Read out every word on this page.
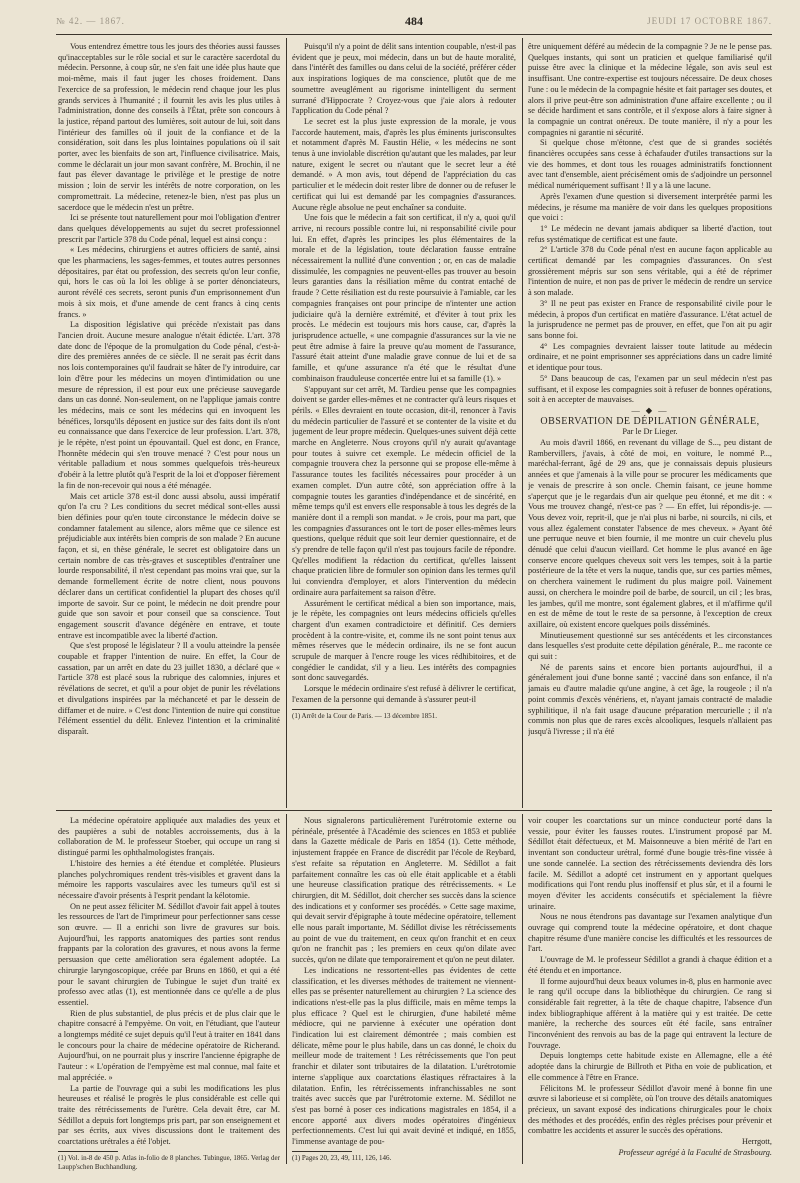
№ 42. — 1867.	484	JEUDI 17 OCTOBRE 1867.

Vous entendrez émettre tous les jours des théories aussi fausses qu'inacceptables sur le rôle social et sur le caractère sacerdotal du médecin. Personne, à coup sûr, ne s'en fait une idée plus haute que moi-même, mais il faut juger les choses froidement. Dans l'exercice de sa profession, le médecin rend chaque jour les plus grands services à l'humanité ; il fournit les avis les plus utiles à l'administration, donne des conseils à l'État, prête son concours à la justice, répand partout des lumières, soit autour de lui, soit dans l'intérieur des familles où il jouit de la confiance et de la considération, soit dans les plus lointaines populations où il sait porter, avec les bienfaits de son art, l'influence civilisatrice. Mais, comme le déclarait un jour mon savant confrère, M. Brochin, il ne faut pas élever davantage le privilège et le prestige de notre mission ; loin de servir les intérêts de notre corporation, on les compromettrait. La médecine, retenez-le bien, n'est pas plus un sacerdoce que le médecin n'est un prêtre.

Ici se présente tout naturellement pour moi l'obligation d'entrer dans quelques développements au sujet du secret professionnel prescrit par l'article 378 du Code pénal, lequel est ainsi conçu :

« Les médecins, chirurgiens et autres officiers de santé, ainsi que les pharmaciens, les sages-femmes, et toutes autres personnes dépositaires, par état ou profession, des secrets qu'on leur confie, qui, hors le cas où la loi les oblige à se porter dénonciateurs, auront révélé ces secrets, seront punis d'un emprisonnement d'un mois à six mois, et d'une amende de cent francs à cinq cents francs. »

La disposition législative qui précède n'existait pas dans l'ancien droit. Aucune mesure analogue n'était édictée. L'art. 378 date donc de l'époque de la promulgation du Code pénal, c'est-à-dire des premières années de ce siècle. Il ne serait pas écrit dans nos lois contemporaines qu'il faudrait se hâter de l'y introduire, car loin d'être pour les médecins un moyen d'intimidation ou une mesure de répression, il est pour eux une précieuse sauvegarde dans un cas donné. Non-seulement, on ne l'applique jamais contre les médecins, mais ce sont les médecins qui en invoquent les bénéfices, lorsqu'ils déposent en justice sur des faits dont ils n'ont eu connaissance que dans l'exercice de leur profession. L'art. 378, je le répète, n'est point un épouvantail. Quel est donc, en France, l'honnête médecin qui s'en trouve menacé ? C'est pour nous un véritable palladium et nous sommes quelquefois très-heureux d'obéir à la lettre plutôt qu'à l'esprit de la loi et d'opposer fièrement la fin de non-recevoir qui nous a été ménagée.

Mais cet article 378 est-il donc aussi absolu, aussi impératif qu'on l'a cru ? Les conditions du secret médical sont-elles aussi bien définies pour qu'en toute circonstance le médecin doive se condamner fatalement au silence, alors même que ce silence est préjudiciable aux intérêts bien compris de son malade ? En aucune façon, et si, en thèse générale, le secret est obligatoire dans un certain nombre de cas très-graves et susceptibles d'entraîner une lourde responsabilité, il n'est cependant pas moins vrai que, sur la demande formellement écrite de notre client, nous pouvons déclarer dans un certificat confidentiel la plupart des choses qu'il importe de savoir. Sur ce point, le médecin ne doit prendre pour guide que son savoir et pour conseil que sa conscience. Tout engagement souscrit d'avance dégénère en entrave, et toute entrave est incompatible avec la liberté d'action.

Que s'est proposé le législateur ? Il a voulu atteindre la pensée coupable et frapper l'intention de nuire. En effet, la Cour de cassation, par un arrêt en date du 23 juillet 1830, a déclaré que « l'article 378 est placé sous la rubrique des calomnies, injures et révélations de secret, et qu'il a pour objet de punir les révélations et divulgations inspirées par la méchanceté et par le dessein de diffamer et de nuire. » C'est donc l'intention de nuire qui constitue l'élément essentiel du délit. Enlevez l'intention et la criminalité disparaît.

Puisqu'il n'y a point de délit sans intention coupable, n'est-il pas évident que je peux, moi médecin, dans un but de haute moralité, dans l'intérêt des familles ou dans celui de la société, préférer céder aux inspirations logiques de ma conscience, plutôt que de me soumettre aveuglément au rigorisme inintelligent du serment surrané d'Hippocrate ? Croyez-vous que j'aie alors à redouter l'application du Code pénal ?

Le secret est la plus juste expression de la morale, je vous l'accorde hautement, mais, d'après les plus éminents jurisconsultes et notamment d'après M. Faustin Hélie, « les médecins ne sont tenus à une inviolable discrétion qu'autant que les malades, par leur nature, exigent le secret ou n'autant que le secret leur a été demandé. » A mon avis, tout dépend de l'appréciation du cas particulier et le médecin doit rester libre de donner ou de refuser le certificat qui lui est demandé par les compagnies d'assurances. Aucune règle absolue ne peut enchaîner sa conduite.

Une fois que le médecin a fait son certificat, il n'y a, quoi qu'il arrive, ni recours possible contre lui, ni responsabilité civile pour lui. En effet, d'après les principes les plus élémentaires de la morale et de la législation, toute déclaration fausse entraîne nécessairement la nullité d'une convention ; or, en cas de maladie dissimulée, les compagnies ne peuvent-elles pas trouver au besoin leurs garanties dans la résiliation même du contrat entaché de fraude ? Cette résiliation est du reste poursuivie à l'amiable, car les compagnies françaises ont pour principe de n'intenter une action judiciaire qu'à la dernière extrémité, et d'éviter à tout prix les procès. Le médecin est toujours mis hors cause, car, d'après la jurisprudence actuelle, « une compagnie d'assurances sur la vie ne peut être admise à faire la preuve qu'au moment de l'assurance, l'assuré était atteint d'une maladie grave connue de lui et de sa famille, et qu'une assurance n'a été que le résultat d'une combinaison frauduleuse concertée entre lui et sa famille (1). »

S'appuyant sur cet arrêt, M. Tardieu pense que les compagnies doivent se garder elles-mêmes et ne contracter qu'à leurs risques et périls. « Elles devraient en toute occasion, dit-il, renoncer à l'avis du médecin particulier de l'assuré et se contenter de la visite et du jugement de leur propre médecin. Quelques-unes suivent déjà cette marche en Angleterre. Nous croyons qu'il n'y aurait qu'avantage pour toutes à suivre cet exemple. Le médecin officiel de la compagnie trouvera chez la personne qui se propose elle-même à l'assurance toutes les facilités nécessaires pour procéder à un examen complet. D'un autre côté, son appréciation offre à la compagnie toutes les garanties d'indépendance et de sincérité, en même temps qu'il est envers elle responsable à tous les degrés de la manière dont il a rempli son mandat. » Je crois, pour ma part, que les compagnies d'assurances ont le tort de poser elles-mêmes leurs questions, quelque réduit que soit leur dernier questionnaire, et de s'y prendre de telle façon qu'il n'est pas toujours facile de répondre. Qu'elles modifient la rédaction du certificat, qu'elles laissent chaque praticien libre de formuler son opinion dans les termes qu'il lui conviendra d'employer, et alors l'intervention du médecin ordinaire aura parfaitement sa raison d'être.

Assurément le certificat médical a bien son importance, mais, je le répète, les compagnies ont leurs médecins officiels qu'elles chargent d'un examen contradictoire et définitif. Ces derniers procèdent à la contre-visite, et, comme ils ne sont point tenus aux mêmes réserves que le médecin ordinaire, ils ne se font aucun scrupule de marquer à l'encre rouge les vices rédhibitoires, et de congédier le candidat, s'il y a lieu. Les intérêts des compagnies sont donc sauvegardés.

Lorsque le médecin ordinaire s'est refusé à délivrer le certificat, l'examen de la personne qui demande à s'assurer peut-il

(1) Arrêt de la Cour de Paris. — 13 décembre 1851.

être uniquement déféré au médecin de la compagnie ? Je ne le pense pas. Quelques instants, qui sont un praticien et quelque familiarisé qu'il puisse être avec la clinique et la médecine légale, son avis seul est insuffisant. Une contre-expertise est toujours nécessaire. De deux choses l'une : ou le médecin de la compagnie hésite et fait partager ses doutes, et alors il prive peut-être son administration d'une affaire excellente ; ou il se décide hardiment et sans contrôle, et il s'expose alors à faire signer à la compagnie un contrat onéreux. De toute manière, il n'y a pour les compagnies ni garantie ni sécurité.

Si quelque chose m'étonne, c'est que de si grandes sociétés financières occupées sans cesse à échafauder d'utiles transactions sur la vie des hommes, et dont tous les rouages administratifs fonctionnent avec tant d'ensemble, aient précisément omis de s'adjoindre un personnel médical numériquement suffisant ! Il y a là une lacune.

Après l'examen d'une question si diversement interprétée parmi les médecins, je résume ma manière de voir dans les quelques propositions que voici :

1° Le médecin ne devant jamais abdiquer sa liberté d'action, tout refus systématique de certificat est une faute.

2° L'article 378 du Code pénal n'est en aucune façon applicable au certificat demandé par les compagnies d'assurances. On s'est grossièrement mépris sur son sens véritable, qui a été de réprimer l'intention de nuire, et non pas de priver le médecin de rendre un service à son malade.

3° Il ne peut pas exister en France de responsabilité civile pour le médecin, à propos d'un certificat en matière d'assurance. L'état actuel de la jurisprudence ne permet pas de prouver, en effet, que l'on ait pu agir sans bonne foi.

4° Les compagnies devraient laisser toute latitude au médecin ordinaire, et ne point emprisonner ses appréciations dans un cadre limité et identique pour tous.

5° Dans beaucoup de cas, l'examen par un seul médecin n'est pas suffisant, et il expose les compagnies soit à refuser de bonnes opérations, soit à en accepter de mauvaises.

— ◆ —

OBSERVATION DE DÉPILATION GÉNÉRALE,

Par le Dr Lieger.

Au mois d'avril 1866, en revenant du village de S..., peu distant de Rambervillers, j'avais, à côté de moi, en voiture, le nommé P..., maréchal-ferrant, âgé de 29 ans, que je connaissais depuis plusieurs années et que j'amenais à la ville pour se procurer les médicaments que je venais de prescrire à son oncle. Chemin faisant, ce jeune homme s'aperçut que je le regardais d'un air quelque peu étonné, et me dit : « Vous me trouvez changé, n'est-ce pas ? — En effet, lui répondis-je. — Vous devez voir, reprit-il, que je n'ai plus ni barbe, ni sourcils, ni cils, et vous allez également constater l'absence de mes cheveux. » Ayant ôté une perruque neuve et bien fournie, il me montre un cuir chevelu plus dénudé que celui d'aucun vieillard. Cet homme le plus avancé en âge conserve encore quelques cheveux soit vers les tempes, soit à la partie postérieure de la tête et vers la nuque, tandis que, sur ces parties mêmes, on cherchera vainement le rudiment du plus maigre poil. Vainement aussi, on cherchera le moindre poil de barbe, de sourcil, un cil ; les bras, les jambes, qu'il me montre, sont également glabres, et il m'affirme qu'il en est de même de tout le reste de sa personne, à l'exception de creux axillaire, où existent encore quelques poils disséminés.

Minutieusement questionné sur ses antécédents et les circonstances dans lesquelles s'est produite cette dépilation générale, P... me raconte ce qui suit :

Né de parents sains et encore bien portants aujourd'hui, il a généralement joui d'une bonne santé ; vacciné dans son enfance, il n'a jamais eu d'autre maladie qu'une angine, à cet âge, la rougeole ; il n'a point commis d'excès vénériens, et, n'ayant jamais contracté de maladie syphilitique, il n'a fait usage d'aucune préparation mercurielle ; il n'a commis non plus que de rares excès alcooliques, lesquels n'allaient pas jusqu'à l'ivresse ; il n'a été

La médecine opératoire appliquée aux maladies des yeux et des paupières a subi de notables accroissements, dus à la collaboration de M. le professeur Stoeber, qui occupe un rang si distingué parmi les ophthalmologistes français.

L'histoire des hernies a été étendue et complétée. Plusieurs planches polychromiques rendent très-visibles et gravent dans la mémoire les rapports vasculaires avec les tumeurs qu'il est si nécessaire d'avoir présents à l'esprit pendant la kélotomie.

On ne peut assez féliciter M. Sédillot d'avoir fait appel à toutes les ressources de l'art de l'imprimeur pour perfectionner sans cesse son œuvre. — Il a enrichi son livre de gravures sur bois. Aujourd'hui, les rapports anatomiques des parties sont rendus frappants par la coloration des gravures, et nous avons la ferme persuasion que cette amélioration sera également adoptée. La chirurgie laryngoscopique, créée par Bruns en 1860, et qui a été pour le savant chirurgien de Tubingue le sujet d'un traité ex professo avec atlas (1), est mentionnée dans ce qu'elle a de plus essentiel.

Rien de plus substantiel, de plus précis et de plus clair que le chapitre consacré à l'empyème. On voit, en l'étudiant, que l'auteur a longtemps médité ce sujet depuis qu'il l'eut à traiter en 1841 dans le concours pour la chaire de médecine opératoire de Richerand. Aujourd'hui, on ne pourrait plus y inscrire l'ancienne épigraphe de l'auteur : « L'opération de l'empyème est mal connue, mal faite et mal appréciée. »

La partie de l'ouvrage qui a subi les modifications les plus heureuses et réalisé le progrès le plus considérable est celle qui traite des rétrécissements de l'urètre. Cela devait être, car M. Sédillot a depuis fort longtemps pris part, par son enseignement et par ses écrits, aux vives discussions dont le traitement des coarctations urétrales a été l'objet.

(1) Vol. in-8 de 450 p. Atlas in-folio de 8 planches. Tubingue, 1865. Verlag der Laupp'schen Buchhandlung.

Nous signalerons particulièrement l'urétrotomie externe ou périnéale, présentée à l'Académie des sciences en 1853 et publiée dans la Gazette médicale de Paris en 1854 (1). Cette méthode, injustement frappée en France de discrédit par l'école de Reybard, s'est refaite sa réputation en Angleterre. M. Sédillot a fait parfaitement connaître les cas où elle était applicable et a établi une heureuse classification pratique des rétrécissements. « Le chirurgien, dit M. Sédillot, doit chercher ses succès dans la science des indications et y conformer ses procédés. » Cette sage maxime, qui devait servir d'épigraphe à toute médecine opératoire, tellement elle nous paraît importante, M. Sédillot divise les rétrécissements au point de vue du traitement, en ceux qu'on franchit et en ceux qu'on ne franchit pas ; les premiers en ceux qu'on dilate avec succès, qu'on ne dilate que temporairement et qu'on ne peut dilater.

Les indications ne ressortent-elles pas évidentes de cette classification, et les diverses méthodes de traitement ne viennent-elles pas se présenter naturellement au chirurgien ? La science des indications n'est-elle pas la plus difficile, mais en même temps la plus efficace ? Quel est le chirurgien, d'une habileté même médiocre, qui ne parvienne à exécuter une opération dont l'indication lui est clairement démontrée ; mais combien est délicate, même pour le plus habile, dans un cas donné, le choix du meilleur mode de traitement ! Les rétrécissements que l'on peut franchir et dilater sont tributaires de la dilatation. L'urétrotomie interne s'applique aux coarctations élastiques réfractaires à la dilatation. Enfin, les rétrécissements infranchissables ne sont traités avec succès que par l'urétrotomie externe. M. Sédillot ne s'est pas borné à poser ces indications magistrales en 1854, il a encore apporté aux divers modes opératoires d'ingénieux perfectionnements. C'est lui qui avait deviné et indiqué, en 1855, l'immense avantage de pou-

(1) Pages 20, 23, 49, 111, 126, 146.

voir couper les coarctations sur un mince conducteur porté dans la vessie, pour éviter les fausses routes. L'instrument proposé par M. Sédillot était défectueux, et M. Maisonneuve a bien mérité de l'art en inventant son conducteur urétral, formé d'une bougie très-fine vissée à une sonde cannelée. La section des rétrécissements deviendra dès lors facile. M. Sédillot a adopté cet instrument en y apportant quelques modifications qui l'ont rendu plus inoffensif et plus sûr, et il a fourni le moyen d'éviter les accidents consécutifs et spécialement la fièvre urinaire.

Nous ne nous étendrons pas davantage sur l'examen analytique d'un ouvrage qui comprend toute la médecine opératoire, et dont chaque chapitre résume d'une manière concise les difficultés et les ressources de l'art.

L'ouvrage de M. le professeur Sédillot a grandi à chaque édition et a été étendu et en importance.

Il forme aujourd'hui deux beaux volumes in-8, plus en harmonie avec le rang qu'il occupe dans la bibliothèque du chirurgien. Ce rang si considérable fait regretter, à la tête de chaque chapitre, l'absence d'un index bibliographique afférent à la matière qui y est traitée. De cette manière, la recherche des sources eût été facile, sans entraîner l'inconvénient des renvois au bas de la page qui entravent la lecture de l'ouvrage.

Depuis longtemps cette habitude existe en Allemagne, elle a été adoptée dans la chirurgie de Billroth et Pitha en voie de publication, et elle commence à l'être en France.

Félicitons M. le professeur Sédillot d'avoir mené à bonne fin une œuvre si laborieuse et si complète, où l'on trouve des détails anatomiques précieux, un savant exposé des indications chirurgicales pour le choix des méthodes et des procédés, enfin des règles précises pour prévenir et combattre les accidents et assurer le succès des opérations.

Herrgott,

Professeur agrégé à la Faculté de Strasbourg.
